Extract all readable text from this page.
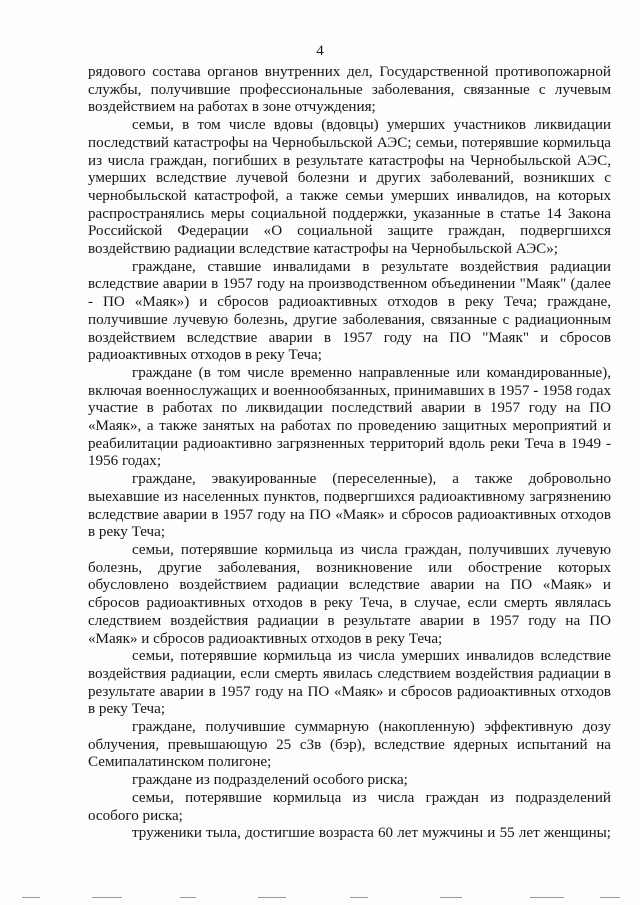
4

рядового состава органов внутренних дел, Государственной противопожарной службы, получившие профессиональные заболевания, связанные с лучевым воздействием на работах в зоне отчуждения;

семьи, в том числе вдовы (вдовцы) умерших участников ликвидации последствий катастрофы на Чернобыльской АЭС; семьи, потерявшие кормильца из числа граждан, погибших в результате катастрофы на Чернобыльской АЭС, умерших вследствие лучевой болезни и других заболеваний, возникших с чернобыльской катастрофой, а также семьи умерших инвалидов, на которых распространялись меры социальной поддержки, указанные в статье 14 Закона Российской Федерации «О социальной защите граждан, подвергшихся воздействию радиации вследствие катастрофы на Чернобыльской АЭС»;

граждане, ставшие инвалидами в результате воздействия радиации вследствие аварии в 1957 году на производственном объединении "Маяк" (далее - ПО «Маяк») и сбросов радиоактивных отходов в реку Теча; граждане, получившие лучевую болезнь, другие заболевания, связанные с радиационным воздействием вследствие аварии в 1957 году на ПО "Маяк" и сбросов радиоактивных отходов в реку Теча;

граждане (в том числе временно направленные или командированные), включая военнослужащих и военнообязанных, принимавших в 1957 - 1958 годах участие в работах по ликвидации последствий аварии в 1957 году на ПО «Маяк», а также занятых на работах по проведению защитных мероприятий и реабилитации радиоактивно загрязненных территорий вдоль реки Теча в 1949 - 1956 годах;

граждане, эвакуированные (переселенные), а также добровольно выехавшие из населенных пунктов, подвергшихся радиоактивному загрязнению вследствие аварии в 1957 году на ПО «Маяк» и сбросов радиоактивных отходов в реку Теча;

семьи, потерявшие кормильца из числа граждан, получивших лучевую болезнь, другие заболевания, возникновение или обострение которых обусловлено воздействием радиации вследствие аварии на ПО «Маяк» и сбросов радиоактивных отходов в реку Теча, в случае, если смерть являлась следствием воздействия радиации в результате аварии в 1957 году на ПО «Маяк» и сбросов радиоактивных отходов в реку Теча;

семьи, потерявшие кормильца из числа умерших инвалидов вследствие воздействия радиации, если смерть явилась следствием воздействия радиации в результате аварии в 1957 году на ПО «Маяк» и сбросов радиоактивных отходов в реку Теча;

граждане, получившие суммарную (накопленную) эффективную дозу облучения, превышающую 25 сЗв (бэр), вследствие ядерных испытаний на Семипалатинском полигоне;

граждане из подразделений особого риска;

семьи, потерявшие кормильца из числа граждан из подразделений особого риска;

труженики тыла, достигшие возраста 60 лет мужчины и 55 лет женщины;
